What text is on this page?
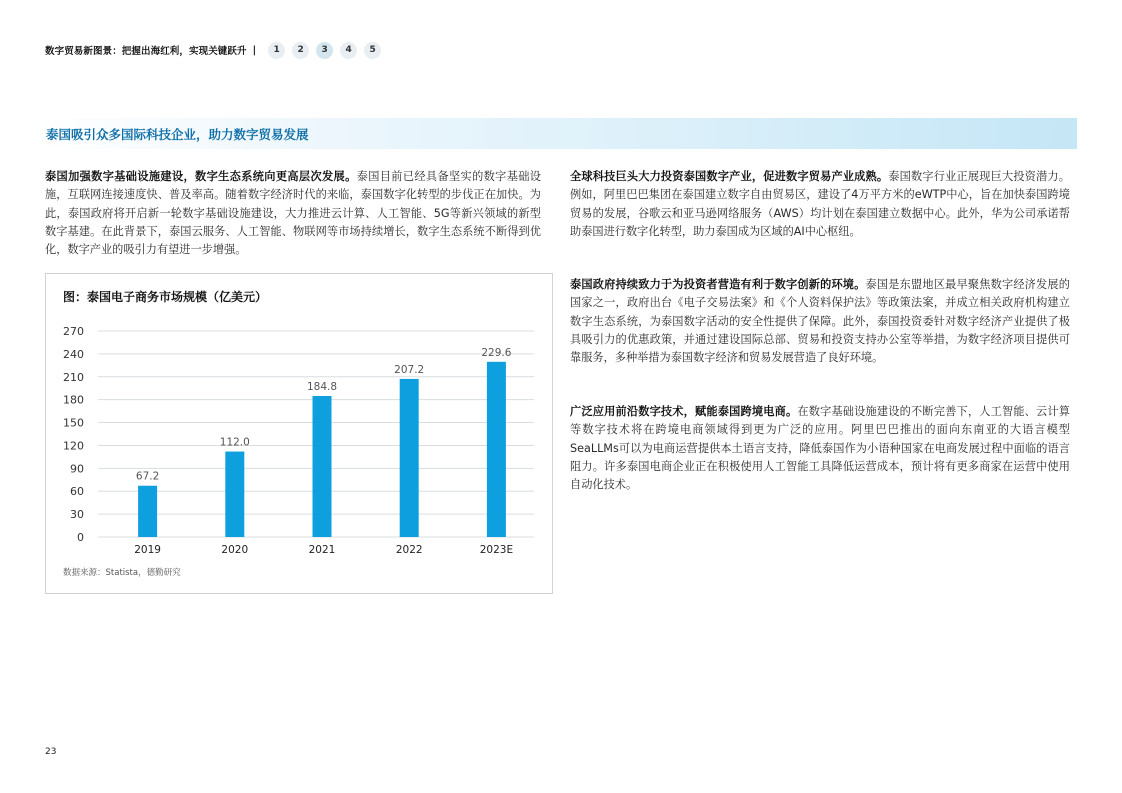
数字贸易新图景：把握出海红利，实现关键跃升 |	1	2	3	4	5
泰国吸引众多国际科技企业，助力数字贸易发展
泰国加强数字基础设施建设，数字生态系统向更高层次发展。泰国目前已经具备坚实的数字基础设施，互联网连接速度快、普及率高。随着数字经济时代的来临，泰国数字化转型的步伐正在加快。为此，泰国政府将开启新一轮数字基础设施建设，大力推进云计算、人工智能、5G等新兴领域的新型数字基建。在此背景下，泰国云服务、人工智能、物联网等市场持续增长，数字生态系统不断得到优化，数字产业的吸引力有望进一步增强。
图：泰国电子商务市场规模（亿美元）
0
30
60
90
120
150
180
210
240
270
67.2
2019
112.0
2020
184.8
2021
207.2
2022
229.6
2023E
数据来源：Statista，德勤研究
全球科技巨头大力投资泰国数字产业，促进数字贸易产业成熟。泰国数字行业正展现巨大投资潜力。例如，阿里巴巴集团在泰国建立数字自由贸易区，建设了4万平方米的eWTP中心，旨在加快泰国跨境贸易的发展，谷歌云和亚马逊网络服务（AWS）均计划在泰国建立数据中心。此外，华为公司承诺帮助泰国进行数字化转型，助力泰国成为区域的AI中心枢纽。
泰国政府持续致力于为投资者营造有利于数字创新的环境。泰国是东盟地区最早聚焦数字经济发展的国家之一，政府出台《电子交易法案》和《个人资料保护法》等政策法案，并成立相关政府机构建立数字生态系统，为泰国数字活动的安全性提供了保障。此外，泰国投资委针对数字经济产业提供了极具吸引力的优惠政策，并通过建设国际总部、贸易和投资支持办公室等举措，为数字经济项目提供可靠服务，多种举措为泰国数字经济和贸易发展营造了良好环境。
广泛应用前沿数字技术，赋能泰国跨境电商。在数字基础设施建设的不断完善下，人工智能、云计算等数字技术将在跨境电商领域得到更为广泛的应用。阿里巴巴推出的面向东南亚的大语言模型SeaLLMs可以为电商运营提供本土语言支持，降低泰国作为小语种国家在电商发展过程中面临的语言阻力。许多泰国电商企业正在积极使用人工智能工具降低运营成本，预计将有更多商家在运营中使用自动化技术。
23
